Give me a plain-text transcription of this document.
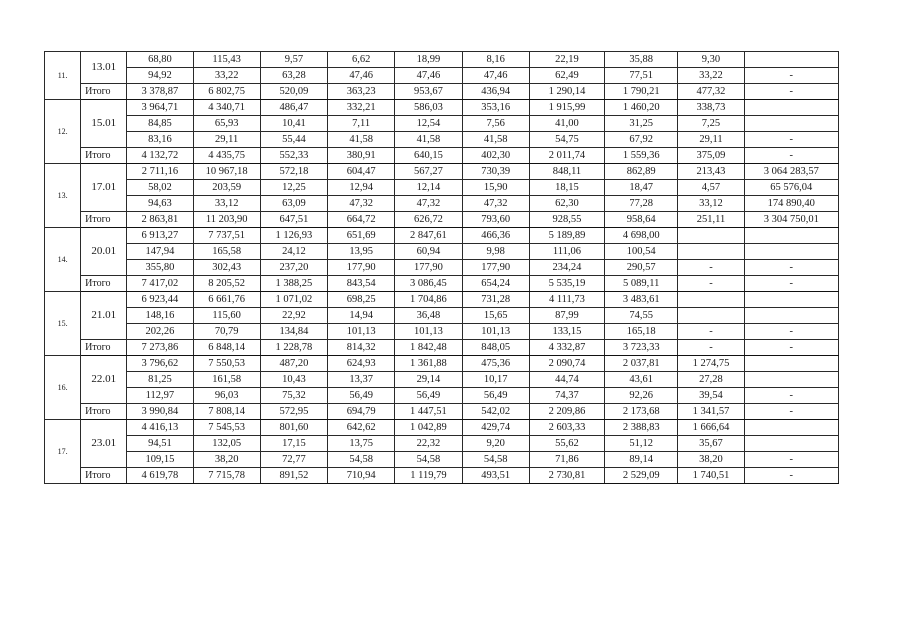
11.	13.01	68,80	115,43	9,57	6,62	18,99	8,16	22,19	35,88	9,30	
		94,92	33,22	63,28	47,46	47,46	47,46	62,49	77,51	33,22	-
	Итого	3 378,87	6 802,75	520,09	363,23	953,67	436,94	1 290,14	1 790,21	477,32	-
12.	15.01	3 964,71	4 340,71	486,47	332,21	586,03	353,16	1 915,99	1 460,20	338,73	
		84,85	65,93	10,41	7,11	12,54	7,56	41,00	31,25	7,25	
		83,16	29,11	55,44	41,58	41,58	41,58	54,75	67,92	29,11	-
	Итого	4 132,72	4 435,75	552,33	380,91	640,15	402,30	2 011,74	1 559,36	375,09	-
13.	17.01	2 711,16	10 967,18	572,18	604,47	567,27	730,39	848,11	862,89	213,43	3 064 283,57
		58,02	203,59	12,25	12,94	12,14	15,90	18,15	18,47	4,57	65 576,04
		94,63	33,12	63,09	47,32	47,32	47,32	62,30	77,28	33,12	174 890,40
	Итого	2 863,81	11 203,90	647,51	664,72	626,72	793,60	928,55	958,64	251,11	3 304 750,01
14.	20.01	6 913,27	7 737,51	1 126,93	651,69	2 847,61	466,36	5 189,89	4 698,00		
		147,94	165,58	24,12	13,95	60,94	9,98	111,06	100,54		
		355,80	302,43	237,20	177,90	177,90	177,90	234,24	290,57	-	-
	Итого	7 417,02	8 205,52	1 388,25	843,54	3 086,45	654,24	5 535,19	5 089,11	-	-
15.	21.01	6 923,44	6 661,76	1 071,02	698,25	1 704,86	731,28	4 111,73	3 483,61		
		148,16	115,60	22,92	14,94	36,48	15,65	87,99	74,55		
		202,26	70,79	134,84	101,13	101,13	101,13	133,15	165,18	-	-
	Итого	7 273,86	6 848,14	1 228,78	814,32	1 842,48	848,05	4 332,87	3 723,33	-	-
16.	22.01	3 796,62	7 550,53	487,20	624,93	1 361,88	475,36	2 090,74	2 037,81	1 274,75	
		81,25	161,58	10,43	13,37	29,14	10,17	44,74	43,61	27,28	
		112,97	96,03	75,32	56,49	56,49	56,49	74,37	92,26	39,54	-
	Итого	3 990,84	7 808,14	572,95	694,79	1 447,51	542,02	2 209,86	2 173,68	1 341,57	-
17.	23.01	4 416,13	7 545,53	801,60	642,62	1 042,89	429,74	2 603,33	2 388,83	1 666,64	
		94,51	132,05	17,15	13,75	22,32	9,20	55,62	51,12	35,67	
		109,15	38,20	72,77	54,58	54,58	54,58	71,86	89,14	38,20	-
	Итого	4 619,78	7 715,78	891,52	710,94	1 119,79	493,51	2 730,81	2 529,09	1 740,51	-
